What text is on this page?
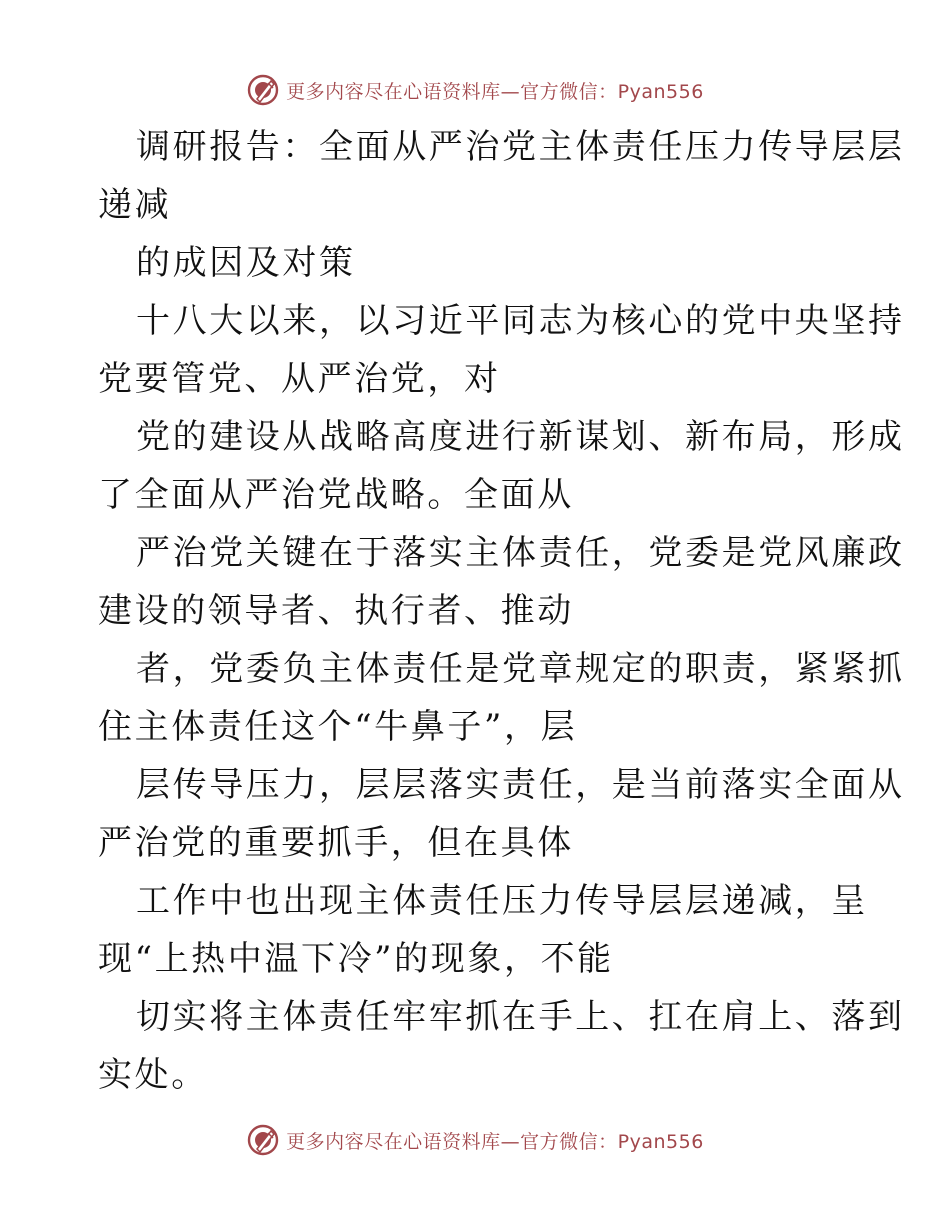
更多内容尽在心语资料库—官方微信：Pyan556
调研报告：全面从严治党主体责任压力传导层层
递减
的成因及对策
十八大以来，以习近平同志为核心的党中央坚持
党要管党、从严治党，对
党的建设从战略高度进行新谋划、新布局，形成
了全面从严治党战略。全面从
严治党关键在于落实主体责任，党委是党风廉政
建设的领导者、执行者、推动
者，党委负主体责任是党章规定的职责，紧紧抓
住主体责任这个“牛鼻子”，层
层传导压力，层层落实责任，是当前落实全面从
严治党的重要抓手，但在具体
工作中也出现主体责任压力传导层层递减，呈
现“上热中温下冷”的现象，不能
切实将主体责任牢牢抓在手上、扛在肩上、落到
实处。
更多内容尽在心语资料库—官方微信：Pyan556
